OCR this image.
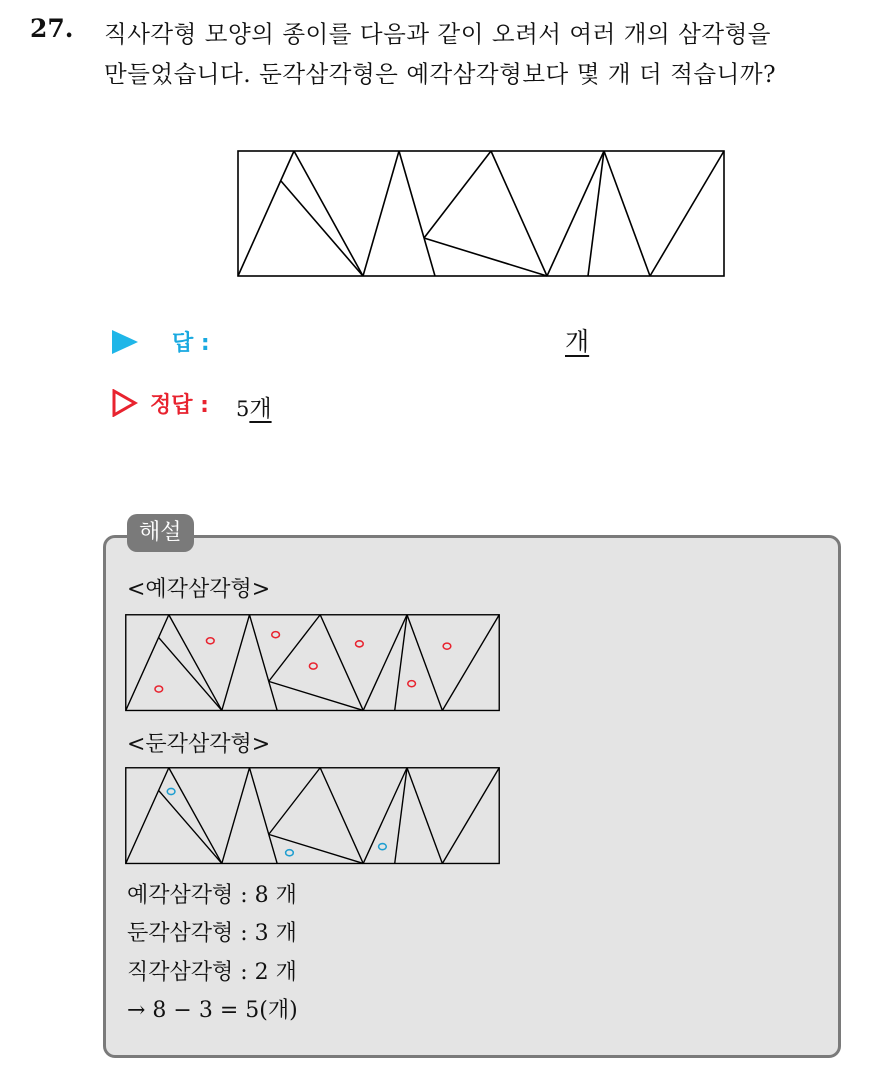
27. 직사각형 모양의 종이를 다음과 같이 오려서 여러 개의 삼각형을
만들었습니다. 둔각삼각형은 예각삼각형보다 몇 개 더 적습니까?
답 :	개
정답 : 5개
해설
<예각삼각형>
<둔각삼각형>
예각삼각형 : 8 개
둔각삼각형 : 3 개
직각삼각형 : 2 개
→ 8 − 3 = 5(개)
